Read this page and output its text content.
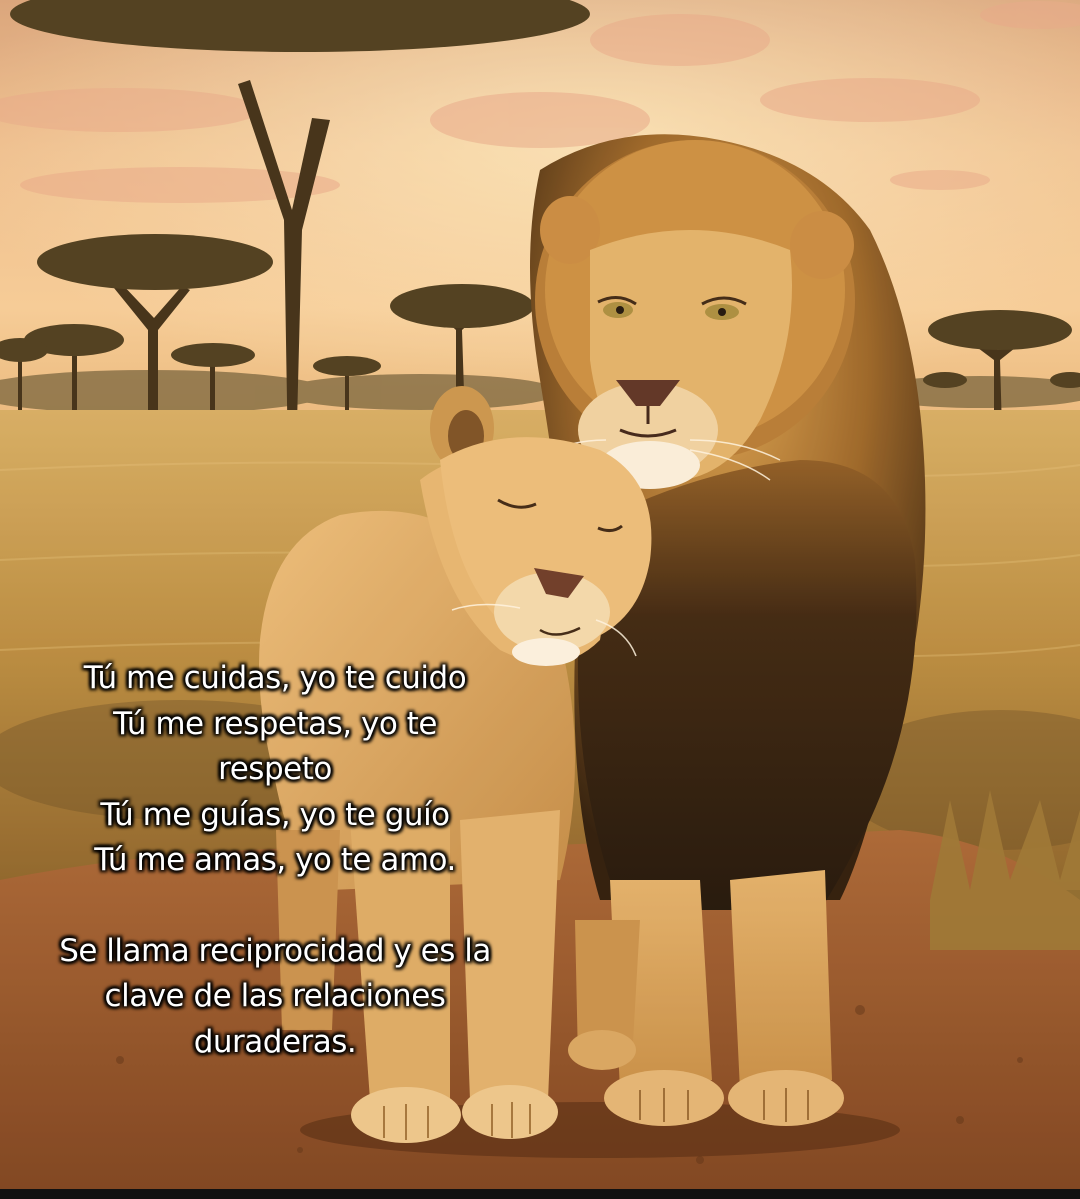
Tú me cuidas, yo te cuido
Tú me respetas, yo te
respeto
Tú me guías, yo te guío
Tú me amas, yo te amo.
Se llama reciprocidad y es la
clave de las relaciones
duraderas.
